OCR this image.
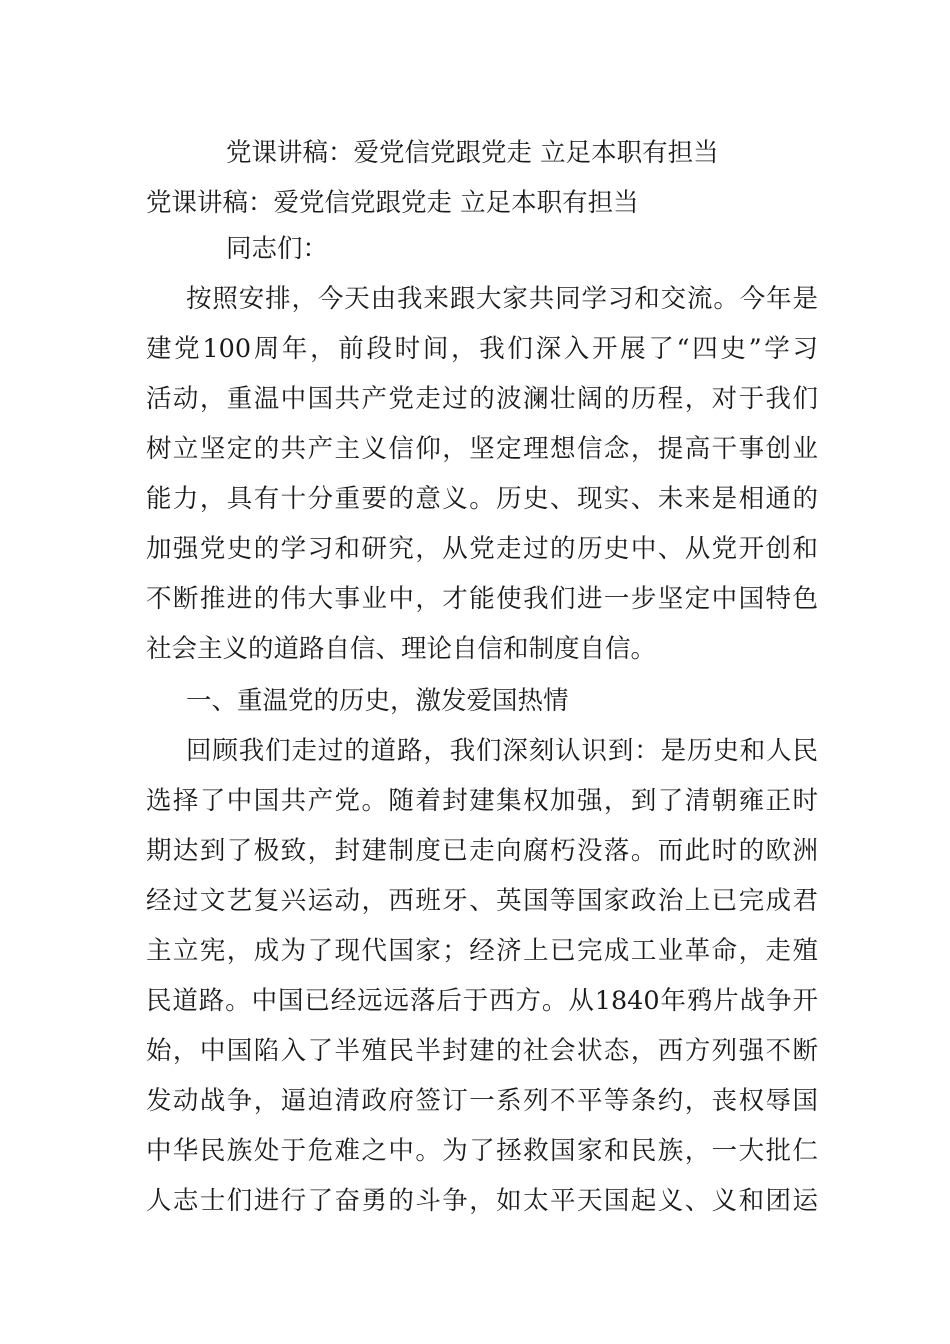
党课讲稿：爱党信党跟党走 立足本职有担当
党课讲稿：爱党信党跟党走 立足本职有担当
同志们：
按照安排，今天由我来跟大家共同学习和交流。今年是
建党100周年，前段时间，我们深入开展了“四史”学习
活动，重温中国共产党走过的波澜壮阔的历程，对于我们
树立坚定的共产主义信仰，坚定理想信念，提高干事创业
能力，具有十分重要的意义。历史、现实、未来是相通的
加强党史的学习和研究，从党走过的历史中、从党开创和
不断推进的伟大事业中，才能使我们进一步坚定中国特色
社会主义的道路自信、理论自信和制度自信。
一、重温党的历史，激发爱国热情
回顾我们走过的道路，我们深刻认识到：是历史和人民
选择了中国共产党。随着封建集权加强，到了清朝雍正时
期达到了极致，封建制度已走向腐朽没落。而此时的欧洲
经过文艺复兴运动，西班牙、英国等国家政治上已完成君
主立宪，成为了现代国家；经济上已完成工业革命，走殖
民道路。中国已经远远落后于西方。从1840年鸦片战争开
始，中国陷入了半殖民半封建的社会状态，西方列强不断
发动战争，逼迫清政府签订一系列不平等条约，丧权辱国
中华民族处于危难之中。为了拯救国家和民族，一大批仁
人志士们进行了奋勇的斗争，如太平天国起义、义和团运
